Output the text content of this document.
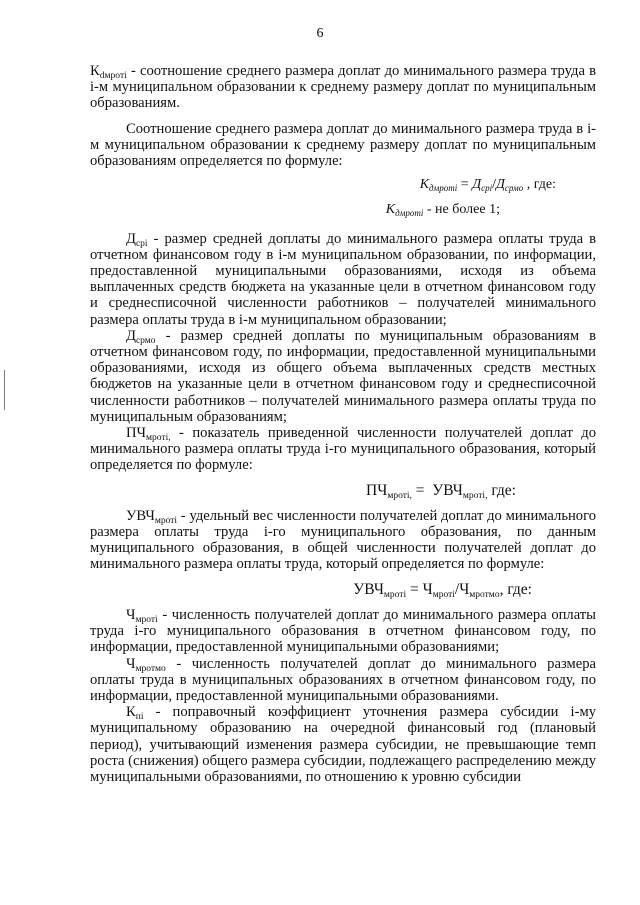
6

$К_{dмpoтi}$ - соотношение среднего размера доплат до минимального размера труда в і-м муниципальном образовании к среднему размеру доплат по муниципальным образованиям.

Соотношение среднего размера доплат до минимального размера труда в і-м муниципальном образовании к среднему размеру доплат по муниципальным образованиям определяется по формуле:

$К_{дмроті} = Д_{срі}/Д_{срмо}$ , где:
$К_{дмроті}$ - не более 1;

$Д_{срі}$ - размер средней доплаты до минимального размера оплаты труда в отчетном финансовом году в і-м муниципальном образовании, по информации, предоставленной муниципальными образованиями, исходя из объема выплаченных средств бюджета на указанные цели в отчетном финансовом году и среднесписочной численности работников – получателей минимального размера оплаты труда в і-м муниципальном образовании;

$Д_{срмо}$ - размер средней доплаты по муниципальным образованиям в отчетном финансовом году, по информации, предоставленной муниципальными образованиями, исходя из общего объема выплаченных средств местных бюджетов на указанные цели в отчетном финансовом году и среднесписочной численности работников – получателей минимального размера оплаты труда по муниципальным образованиям;

$ПЧ_{мроті,}$ - показатель приведенной численности получателей доплат до минимального размера оплаты труда і-го муниципального образования, который определяется по формуле:

$ПЧ_{мроті,} = УВЧ_{мроті,}$ где:

$УВЧ_{мроті}$ - удельный вес численности получателей доплат до минимального размера оплаты труда і-го муниципального образования, по данным муниципального образования, в общей численности получателей доплат до минимального размера оплаты труда, который определяется по формуле:

$УВЧ_{мроті} = Ч_{мроті}/Ч_{мротмо}$, где:

$Ч_{мроті}$ - численность получателей доплат до минимального размера оплаты труда і-го муниципального образования в отчетном финансовом году, по информации, предоставленной муниципальными образованиями;

$Ч_{мротмо}$ - численность получателей доплат до минимального размера оплаты труда в муниципальных образованиях в отчетном финансовом году, по информации, предоставленной муниципальными образованиями.

$К_{пі}$ - поправочный коэффициент уточнения размера субсидии і-му муниципальному образованию на очередной финансовый год (плановый период), учитывающий изменения размера субсидии, не превышающие темп роста (снижения) общего размера субсидии, подлежащего распределению между муниципальными образованиями, по отношению к уровню субсидии
